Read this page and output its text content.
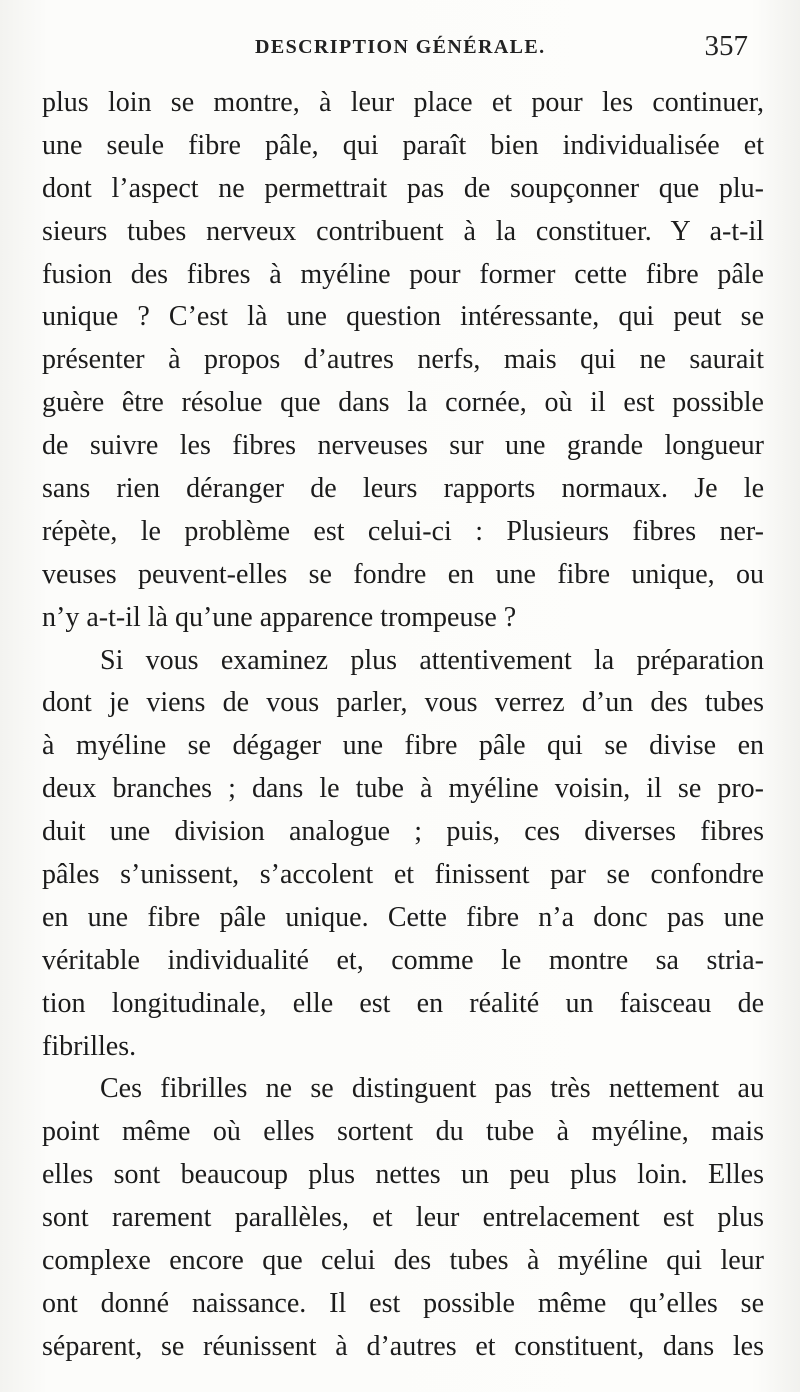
DESCRIPTION GÉNÉRALE.	357
plus loin se montre, à leur place et pour les continuer,
une seule fibre pâle, qui paraît bien individualisée et
dont l’aspect ne permettrait pas de soupçonner que plu-
sieurs tubes nerveux contribuent à la constituer. Y a-t-il
fusion des fibres à myéline pour former cette fibre pâle
unique ? C’est là une question intéressante, qui peut se
présenter à propos d’autres nerfs, mais qui ne saurait
guère être résolue que dans la cornée, où il est possible
de suivre les fibres nerveuses sur une grande longueur
sans rien déranger de leurs rapports normaux. Je le
répète, le problème est celui-ci : Plusieurs fibres ner-
veuses peuvent-elles se fondre en une fibre unique, ou
n’y a-t-il là qu’une apparence trompeuse ?
Si vous examinez plus attentivement la préparation
dont je viens de vous parler, vous verrez d’un des tubes
à myéline se dégager une fibre pâle qui se divise en
deux branches ; dans le tube à myéline voisin, il se pro-
duit une division analogue ; puis, ces diverses fibres
pâles s’unissent, s’accolent et finissent par se confondre
en une fibre pâle unique. Cette fibre n’a donc pas une
véritable individualité et, comme le montre sa stria-
tion longitudinale, elle est en réalité un faisceau de
fibrilles.
Ces fibrilles ne se distinguent pas très nettement au
point même où elles sortent du tube à myéline, mais
elles sont beaucoup plus nettes un peu plus loin. Elles
sont rarement parallèles, et leur entrelacement est plus
complexe encore que celui des tubes à myéline qui leur
ont donné naissance. Il est possible même qu’elles se
séparent, se réunissent à d’autres et constituent, dans les
